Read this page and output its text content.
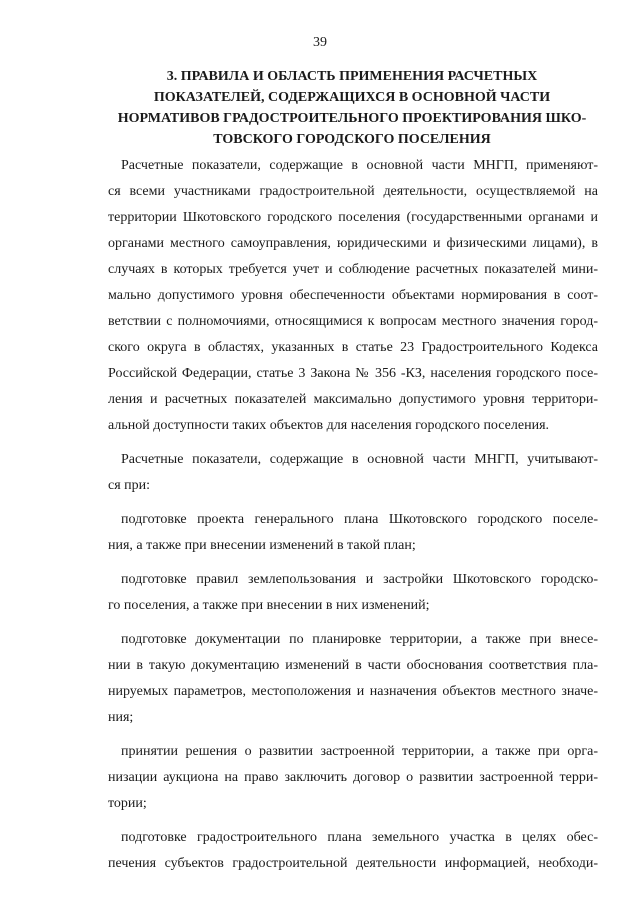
39
3. ПРАВИЛА И ОБЛАСТЬ ПРИМЕНЕНИЯ РАСЧЕТНЫХ
ПОКАЗАТЕЛЕЙ, СОДЕРЖАЩИХСЯ В ОСНОВНОЙ ЧАСТИ
НОРМАТИВОВ ГРАДОСТРОИТЕЛЬНОГО ПРОЕКТИРОВАНИЯ ШКО-
ТОВСКОГО ГОРОДСКОГО ПОСЕЛЕНИЯ
Расчетные показатели, содержащие в основной части МНГП, применяют-
ся всеми участниками градостроительной деятельности, осуществляемой на
территории Шкотовского городского поселения (государственными органами и
органами местного самоуправления, юридическими и физическими лицами), в
случаях в которых требуется учет и соблюдение расчетных показателей мини-
мально допустимого уровня обеспеченности объектами нормирования в соот-
ветствии с полномочиями, относящимися к вопросам местного значения город-
ского округа в областях, указанных в статье 23 Градостроительного Кодекса
Российской Федерации, статье 3 Закона № 356 -КЗ, населения городского посе-
ления и расчетных показателей максимально допустимого уровня территори-
альной доступности таких объектов для населения городского поселения.
Расчетные показатели, содержащие в основной части МНГП, учитывают-
ся при:
подготовке проекта генерального плана Шкотовского городского поселе-
ния, а также при внесении изменений в такой план;
подготовке правил землепользования и застройки Шкотовского городско-
го поселения, а также при внесении в них изменений;
подготовке документации по планировке территории, а также при внесе-
нии в такую документацию изменений в части обоснования соответствия пла-
нируемых параметров, местоположения и назначения объектов местного значе-
ния;
принятии решения о развитии застроенной территории, а также при орга-
низации аукциона на право заключить договор о развитии застроенной терри-
тории;
подготовке градостроительного плана земельного участка в целях обес-
печения субъектов градостроительной деятельности информацией, необходи-
